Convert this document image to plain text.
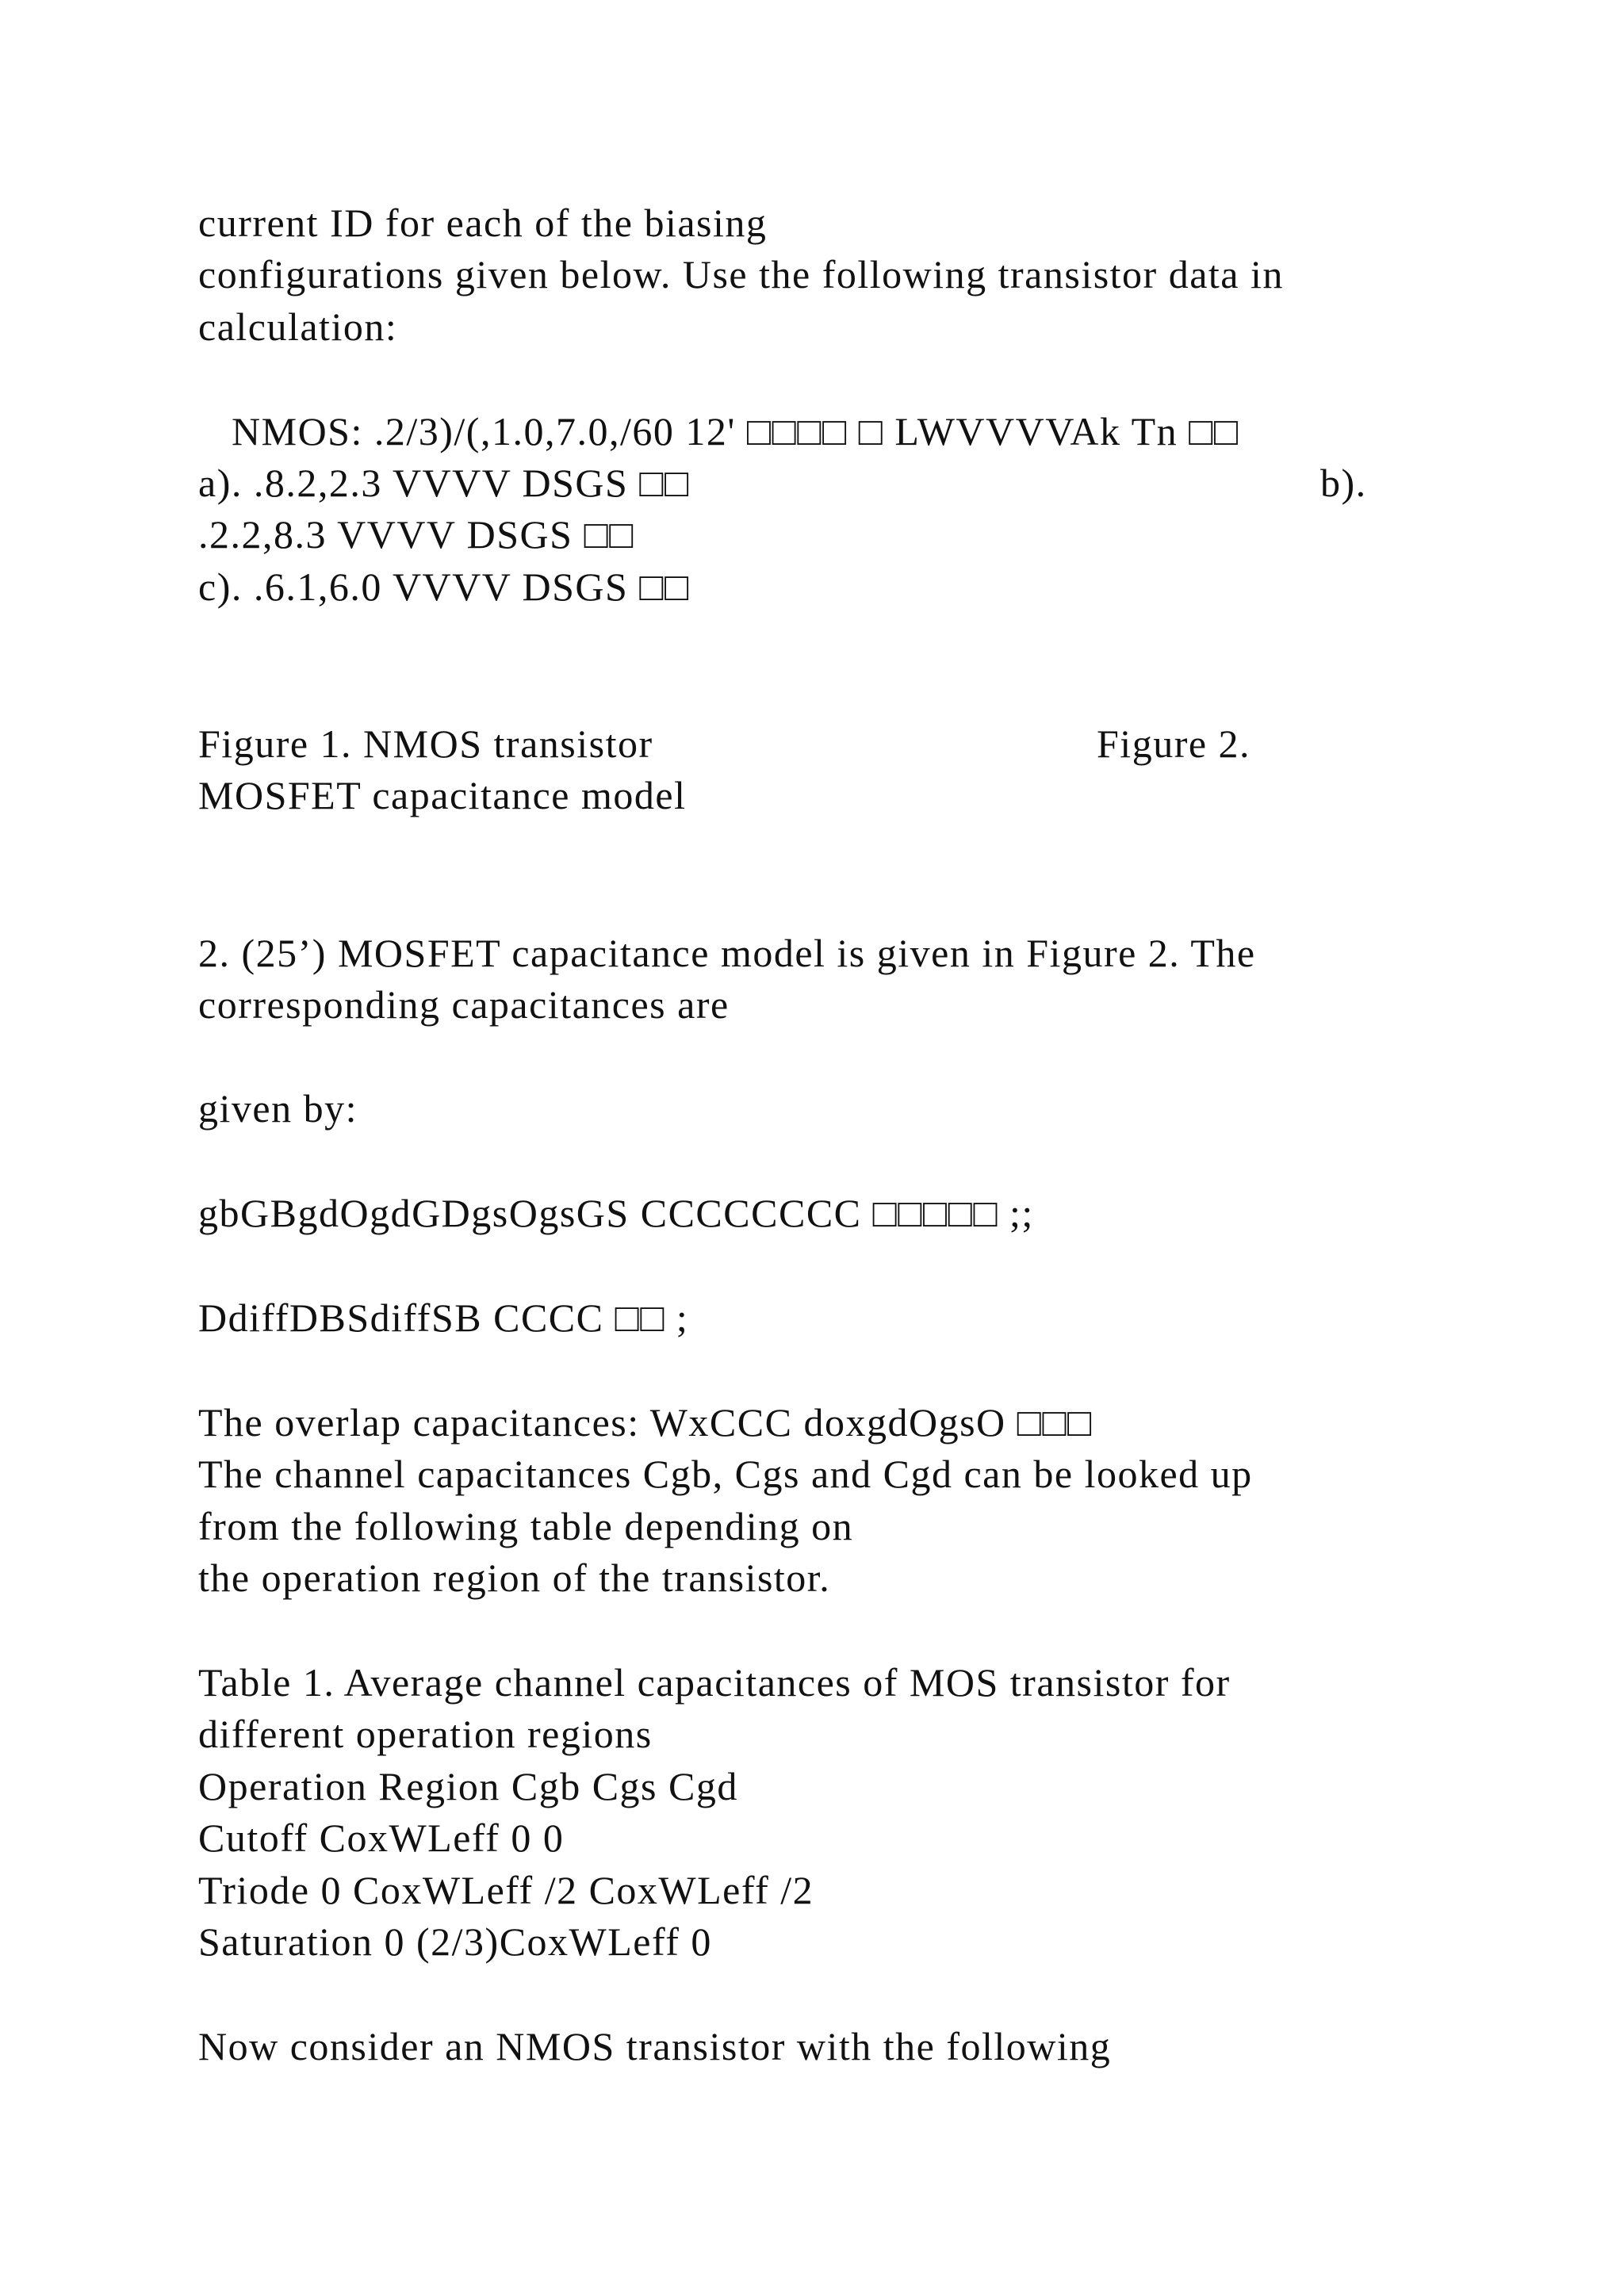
current ID for each of the biasing
configurations given below. Use the following transistor data in
calculation:
NMOS: .2/3)/(,1.0,7.0,/60 12' □□□□ □ LWVVVVAk Tn □□
a). .8.2,2.3 VVVV DSGS □□	b).
.2.2,8.3 VVVV DSGS □□
c). .6.1,6.0 VVVV DSGS □□
Figure 1. NMOS transistor	Figure 2.
MOSFET capacitance model
2. (25’) MOSFET capacitance model is given in Figure 2. The
corresponding capacitances are
given by:
gbGBgdOgdGDgsOgsGS CCCCCCCC □□□□□ ;;
DdiffDBSdiffSB CCCC □□ ;
The overlap capacitances: WxCCC doxgdOgsO □□□
The channel capacitances Cgb, Cgs and Cgd can be looked up
from the following table depending on
the operation region of the transistor.
Table 1. Average channel capacitances of MOS transistor for
different operation regions
Operation Region Cgb Cgs Cgd
Cutoff CoxWLeff 0 0
Triode 0 CoxWLeff /2 CoxWLeff /2
Saturation 0 (2/3)CoxWLeff 0
Now consider an NMOS transistor with the following
